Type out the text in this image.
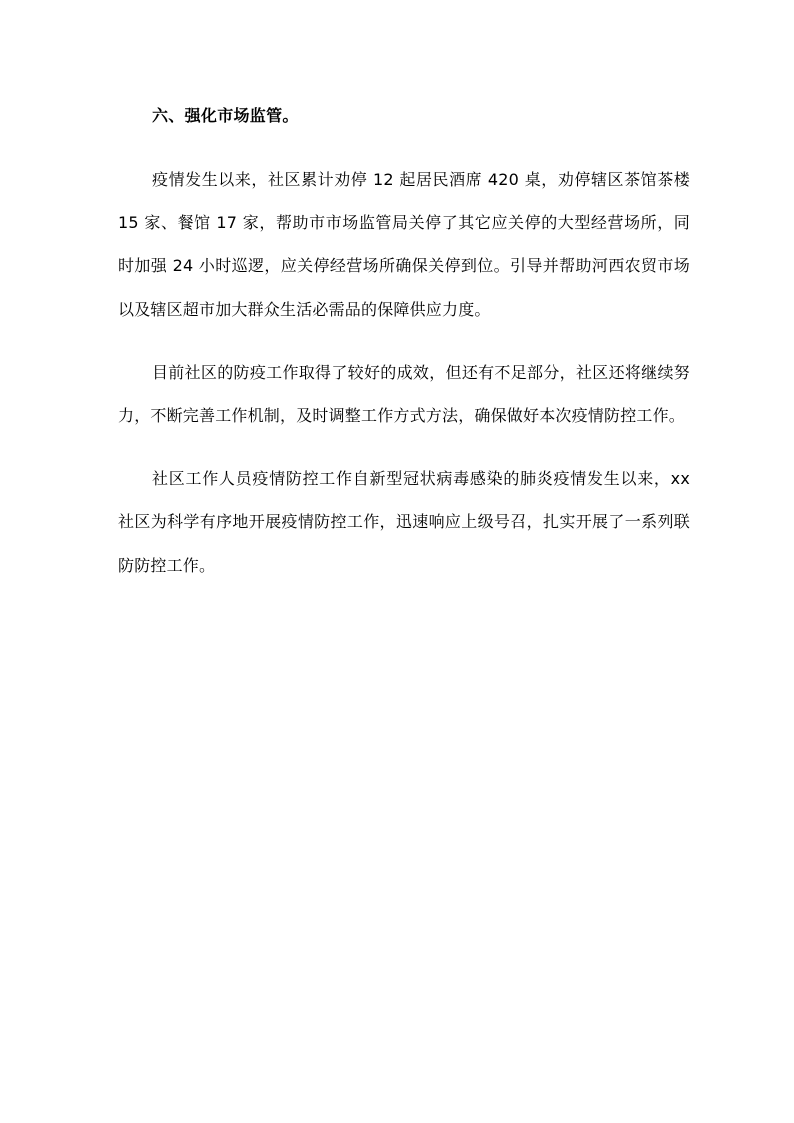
六、强化市场监管。

疫情发生以来，社区累计劝停 12 起居民酒席 420 桌，劝停辖区茶馆茶楼 15 家、餐馆 17 家，帮助市市场监管局关停了其它应关停的大型经营场所，同时加强 24 小时巡逻，应关停经营场所确保关停到位。引导并帮助河西农贸市场以及辖区超市加大群众生活必需品的保障供应力度。

目前社区的防疫工作取得了较好的成效，但还有不足部分，社区还将继续努力，不断完善工作机制，及时调整工作方式方法，确保做好本次疫情防控工作。

社区工作人员疫情防控工作自新型冠状病毒感染的肺炎疫情发生以来，xx 社区为科学有序地开展疫情防控工作，迅速响应上级号召，扎实开展了一系列联防防控工作。
